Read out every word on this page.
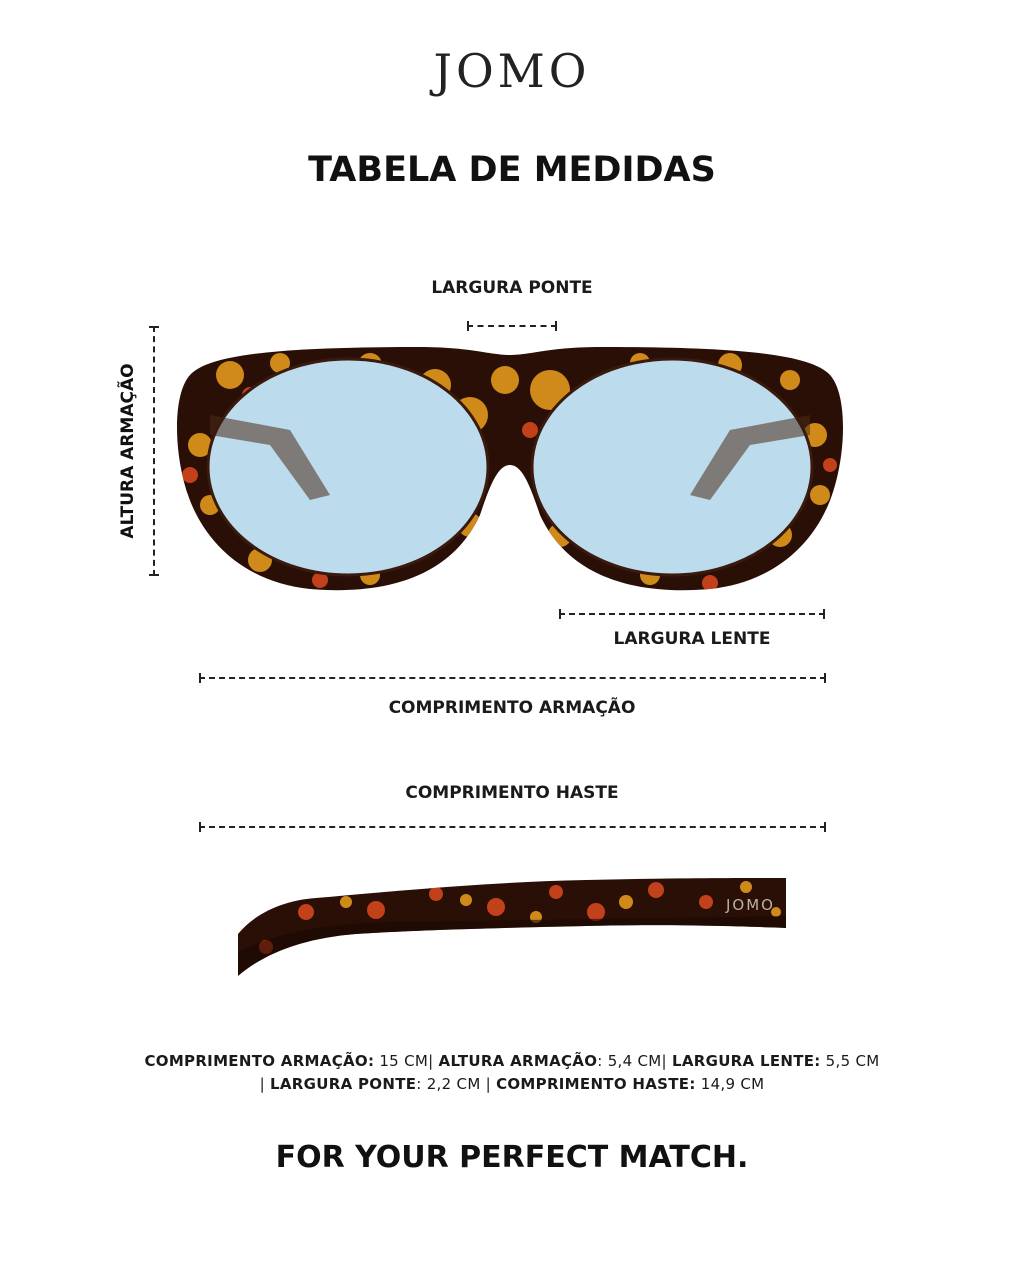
JOMO
TABELA DE MEDIDAS
LARGURA PONTE
ALTURA ARMAÇÃO
LARGURA LENTE
COMPRIMENTO ARMAÇÃO
COMPRIMENTO HASTE
JOMO
COMPRIMENTO ARMAÇÃO: 15 CM| ALTURA ARMAÇÃO: 5,4 CM| LARGURA LENTE: 5,5 CM
| LARGURA PONTE: 2,2 CM | COMPRIMENTO HASTE: 14,9 CM
FOR YOUR PERFECT MATCH.
